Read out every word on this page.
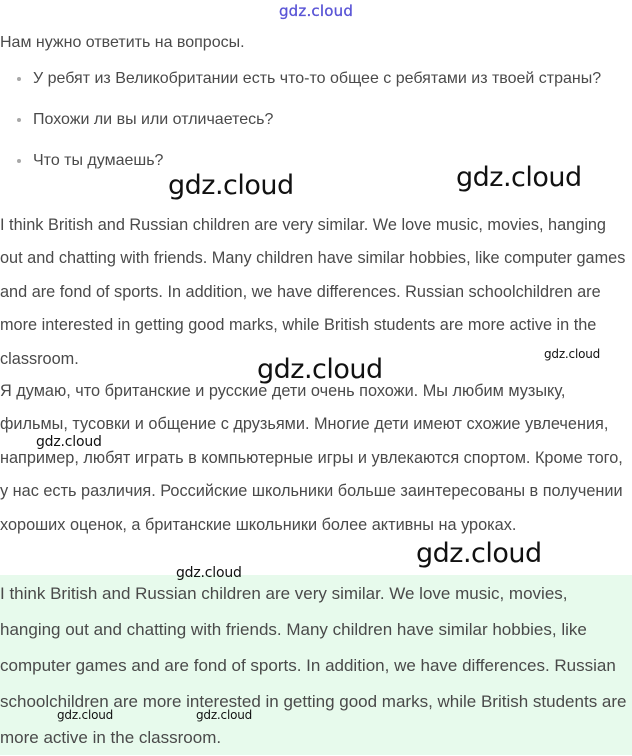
gdz.cloud

Нам нужно ответить на вопросы.

У ребят из Великобритании есть что-то общее с ребятами из твоей страны?
Похожи ли вы или отличаетесь?
Что ты думаешь?

I think British and Russian children are very similar. We love music, movies, hanging out and chatting with friends. Many children have similar hobbies, like computer games and are fond of sports. In addition, we have differences. Russian schoolchildren are more interested in getting good marks, while British students are more active in the classroom.

Я думаю, что британские и русские дети очень похожи. Мы любим музыку, фильмы, тусовки и общение с друзьями. Многие дети имеют схожие увлечения, например, любят играть в компьютерные игры и увлекаются спортом. Кроме того, у нас есть различия. Российские школьники больше заинтересованы в получении хороших оценок, а британские школьники более активны на уроках.

I think British and Russian children are very similar. We love music, movies, hanging out and chatting with friends. Many children have similar hobbies, like computer games and are fond of sports. In addition, we have differences. Russian schoolchildren are more interested in getting good marks, while British students are more active in the classroom.

gdz.cloud	gdz.cloud
gdz.cloud
gdz.cloud
gdz.cloud
gdz.cloud
gdz.cloud
gdz.cloud	gdz.cloud
